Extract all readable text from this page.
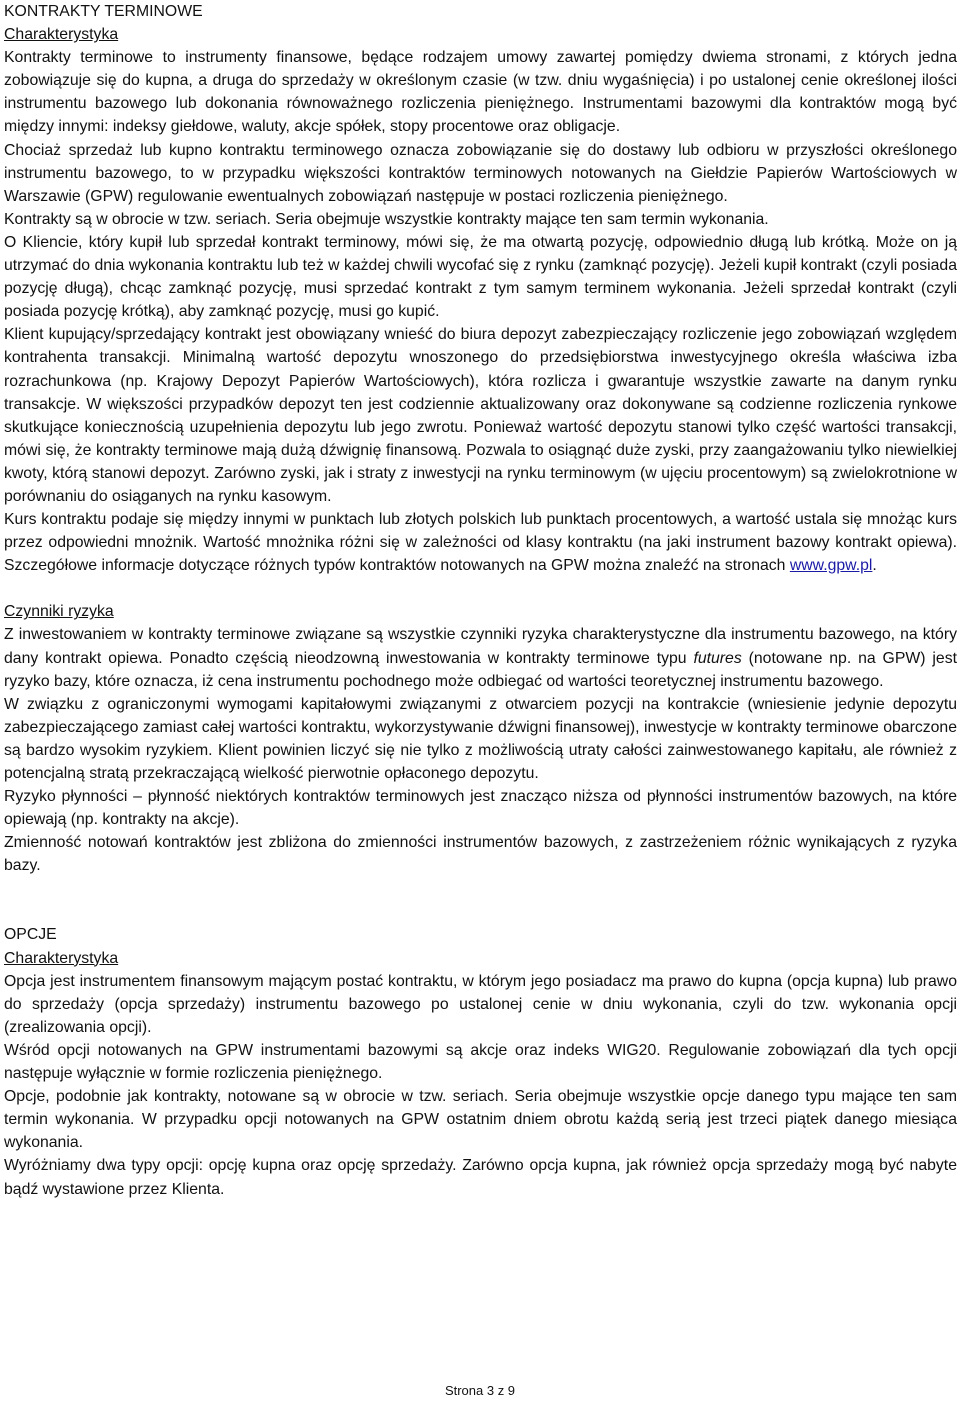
KONTRAKTY TERMINOWE
Charakterystyka

Kontrakty terminowe to instrumenty finansowe, będące rodzajem umowy zawartej pomiędzy dwiema stronami, z których jedna zobowiązuje się do kupna, a druga do sprzedaży w określonym czasie (w tzw. dniu wygaśnięcia) i po ustalonej cenie określonej ilości instrumentu bazowego lub dokonania równoważnego rozliczenia pieniężnego. Instrumentami bazowymi dla kontraktów mogą być między innymi: indeksy giełdowe, waluty, akcje spółek, stopy procentowe oraz obligacje.

Chociaż sprzedaż lub kupno kontraktu terminowego oznacza zobowiązanie się do dostawy lub odbioru w przyszłości określonego instrumentu bazowego, to w przypadku większości kontraktów terminowych notowanych na Giełdzie Papierów Wartościowych w Warszawie (GPW) regulowanie ewentualnych zobowiązań następuje w postaci rozliczenia pieniężnego.

Kontrakty są w obrocie w tzw. seriach. Seria obejmuje wszystkie kontrakty mające ten sam termin wykonania.

O Kliencie, który kupił lub sprzedał kontrakt terminowy, mówi się, że ma otwartą pozycję, odpowiednio długą lub krótką. Może on ją utrzymać do dnia wykonania kontraktu lub też w każdej chwili wycofać się z rynku (zamknąć pozycję). Jeżeli kupił kontrakt (czyli posiada pozycję długą), chcąc zamknąć pozycję, musi sprzedać kontrakt z tym samym terminem wykonania. Jeżeli sprzedał kontrakt (czyli posiada pozycję krótką), aby zamknąć pozycję, musi go kupić.

Klient kupujący/sprzedający kontrakt jest obowiązany wnieść do biura depozyt zabezpieczający rozliczenie jego zobowiązań względem kontrahenta transakcji. Minimalną wartość depozytu wnoszonego do przedsiębiorstwa inwestycyjnego określa właściwa izba rozrachunkowa (np. Krajowy Depozyt Papierów Wartościowych), która rozlicza i gwarantuje wszystkie zawarte na danym rynku transakcje. W większości przypadków depozyt ten jest codziennie aktualizowany oraz dokonywane są codzienne rozliczenia rynkowe skutkujące koniecznością uzupełnienia depozytu lub jego zwrotu. Ponieważ wartość depozytu stanowi tylko część wartości transakcji, mówi się, że kontrakty terminowe mają dużą dźwignię finansową. Pozwala to osiągnąć duże zyski, przy zaangażowaniu tylko niewielkiej kwoty, którą stanowi depozyt. Zarówno zyski, jak i straty z inwestycji na rynku terminowym (w ujęciu procentowym) są zwielokrotnione w porównaniu do osiąganych na rynku kasowym.

Kurs kontraktu podaje się między innymi w punktach lub złotych polskich lub punktach procentowych, a wartość ustala się mnożąc kurs przez odpowiedni mnożnik. Wartość mnożnika różni się w zależności od klasy kontraktu (na jaki instrument bazowy kontrakt opiewa). Szczegółowe informacje dotyczące różnych typów kontraktów notowanych na GPW można znaleźć na stronach www.gpw.pl.

Czynniki ryzyka

Z inwestowaniem w kontrakty terminowe związane są wszystkie czynniki ryzyka charakterystyczne dla instrumentu bazowego, na który dany kontrakt opiewa. Ponadto częścią nieodzowną inwestowania w kontrakty terminowe typu futures (notowane np. na GPW) jest ryzyko bazy, które oznacza, iż cena instrumentu pochodnego może odbiegać od wartości teoretycznej instrumentu bazowego.

W związku z ograniczonymi wymogami kapitałowymi związanymi z otwarciem pozycji na kontrakcie (wniesienie jedynie depozytu zabezpieczającego zamiast całej wartości kontraktu, wykorzystywanie dźwigni finansowej), inwestycje w kontrakty terminowe obarczone są bardzo wysokim ryzykiem. Klient powinien liczyć się nie tylko z możliwością utraty całości zainwestowanego kapitału, ale również z potencjalną stratą przekraczającą wielkość pierwotnie opłaconego depozytu.

Ryzyko płynności – płynność niektórych kontraktów terminowych jest znacząco niższa od płynności instrumentów bazowych, na które opiewają (np. kontrakty na akcje).

Zmienność notowań kontraktów jest zbliżona do zmienności instrumentów bazowych, z zastrzeżeniem różnic wynikających z ryzyka bazy.

OPCJE
Charakterystyka

Opcja jest instrumentem finansowym mającym postać kontraktu, w którym jego posiadacz ma prawo do kupna (opcja kupna) lub prawo do sprzedaży (opcja sprzedaży) instrumentu bazowego po ustalonej cenie w dniu wykonania, czyli do tzw. wykonania opcji (zrealizowania opcji).

Wśród opcji notowanych na GPW instrumentami bazowymi są akcje oraz indeks WIG20. Regulowanie zobowiązań dla tych opcji następuje wyłącznie w formie rozliczenia pieniężnego.

Opcje, podobnie jak kontrakty, notowane są w obrocie w tzw. seriach. Seria obejmuje wszystkie opcje danego typu mające ten sam termin wykonania. W przypadku opcji notowanych na GPW ostatnim dniem obrotu każdą serią jest trzeci piątek danego miesiąca wykonania.

Wyróżniamy dwa typy opcji: opcję kupna oraz opcję sprzedaży. Zarówno opcja kupna, jak również opcja sprzedaży mogą być nabyte bądź wystawione przez Klienta.

Strona 3 z 9
